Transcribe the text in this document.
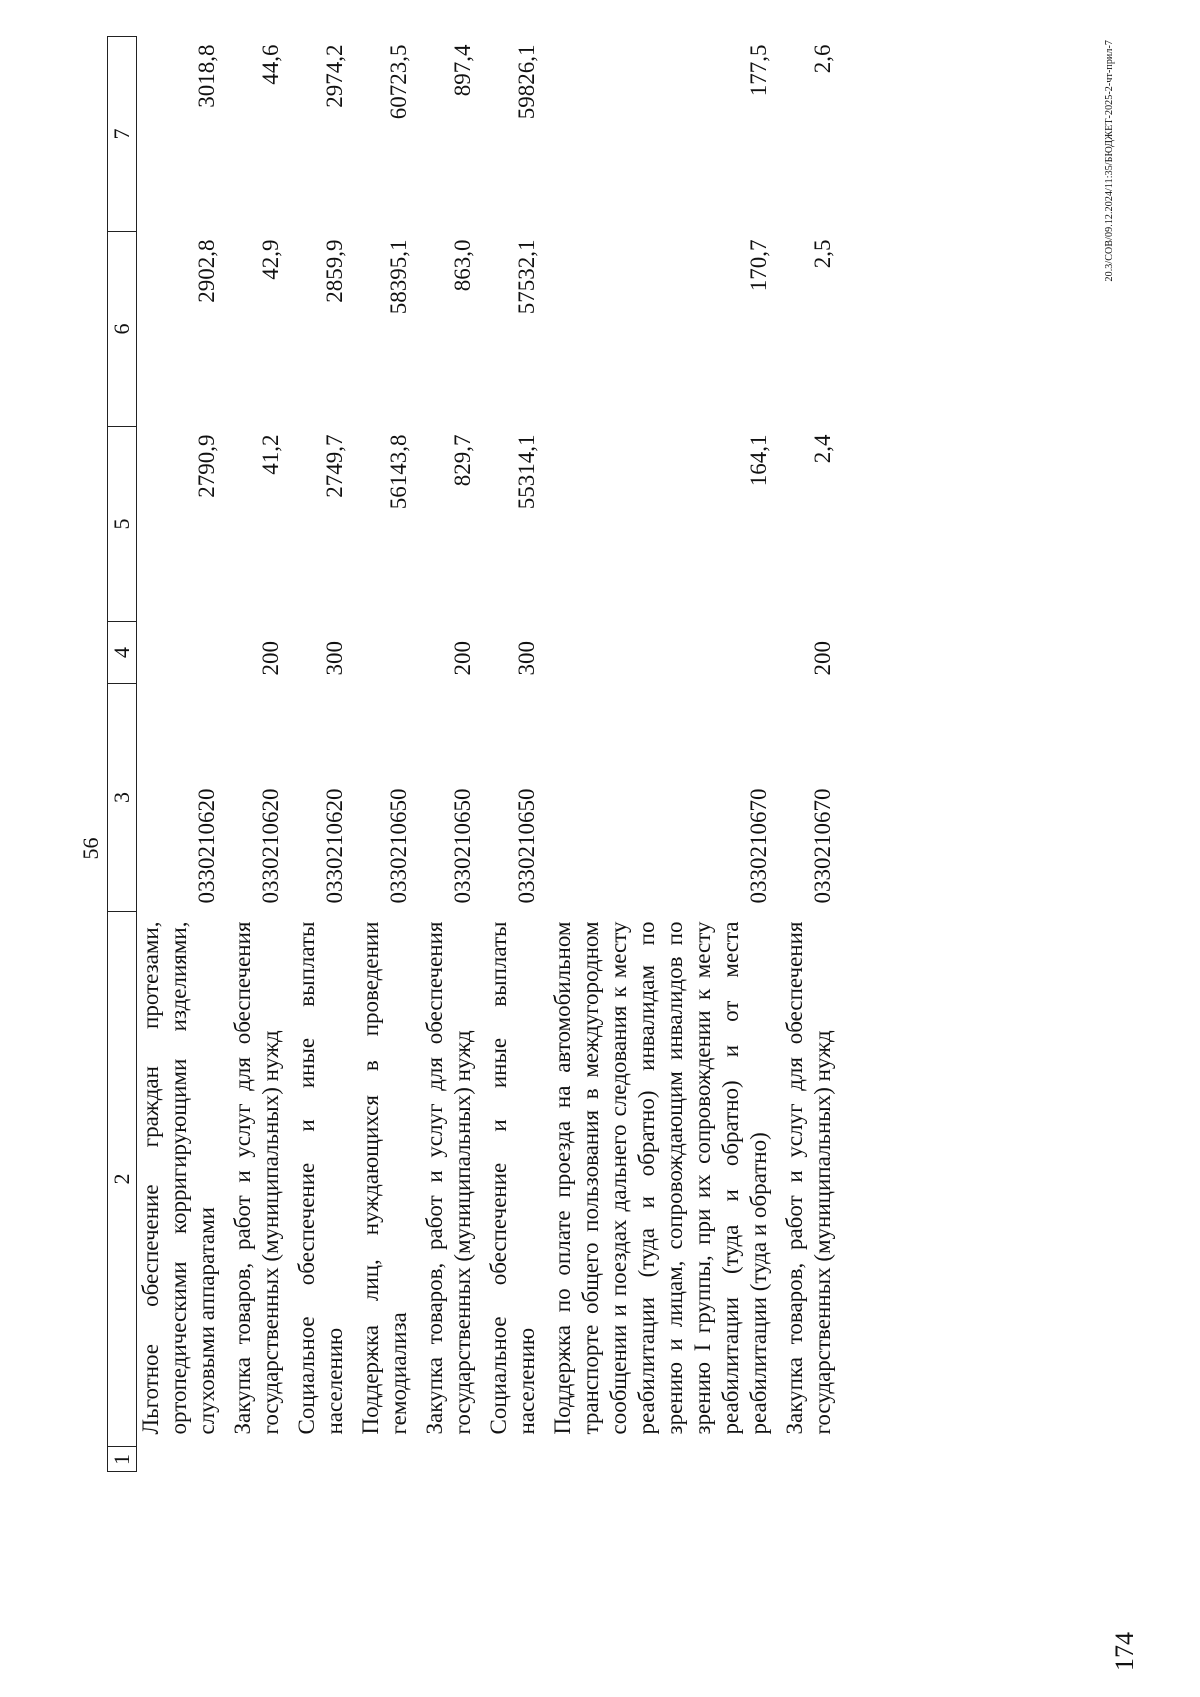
56
1	2	3	4	5	6	7
	Льготное обеспечение граждан протезами, ортопедическими корригирующими изделиями, слуховыми аппаратами	0330210620		2790,9	2902,8	3018,8
	Закупка товаров, работ и услуг для обеспечения государственных (муниципальных) нужд	0330210620	200	41,2	42,9	44,6
	Социальное обеспечение и иные выплаты населению	0330210620	300	2749,7	2859,9	2974,2
	Поддержка лиц, нуждающихся в проведении гемодиализа	0330210650		56143,8	58395,1	60723,5
	Закупка товаров, работ и услуг для обеспечения государственных (муниципальных) нужд	0330210650	200	829,7	863,0	897,4
	Социальное обеспечение и иные выплаты населению	0330210650	300	55314,1	57532,1	59826,1
	Поддержка по оплате проезда на автомобильном транспорте общего пользования в междугородном сообщении и поездах дальнего следования к месту реабилитации (туда и обратно) инвалидам по зрению и лицам, сопровождающим инвалидов по зрению I группы, при их сопровождении к месту реабилитации (туда и обратно) и от места реабилитации (туда и обратно)	0330210670		164,1	170,7	177,5
	Закупка товаров, работ и услуг для обеспечения государственных (муниципальных) нужд	0330210670	200	2,4	2,5	2,6
174
20.3/СОВ/09.12.2024/11:35/БЮДЖЕТ-2025-2-чт-прил-7
